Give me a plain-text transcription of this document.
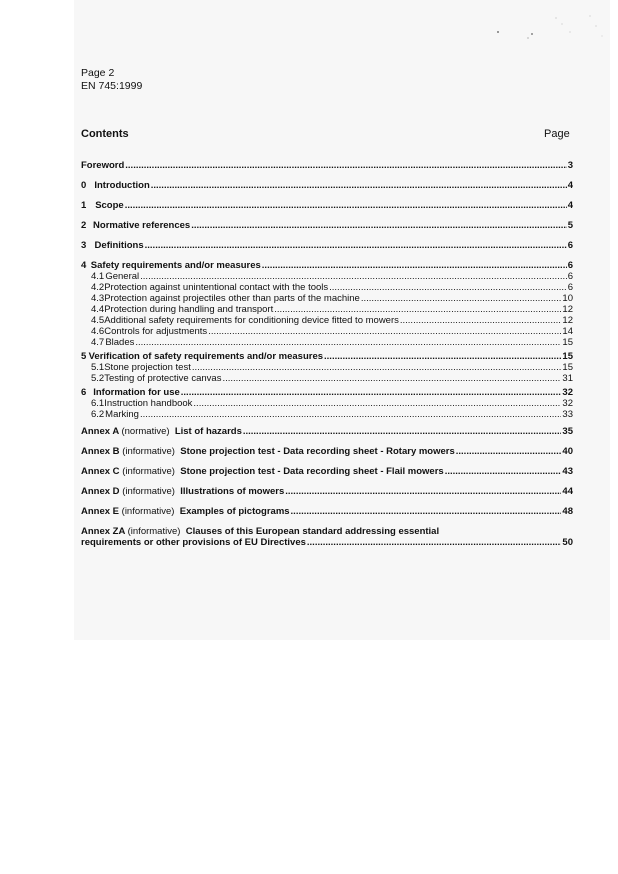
Page 2
EN 745:1999
Contents	Page
Foreword .....	3
0 Introduction .....	4
1 Scope .....	4
2 Normative references .....	5
3 Definitions .....	6
4 Safety requirements and/or measures .....	6
4.1 General .....	6
4.2 Protection against unintentional contact with the tools .....	6
4.3 Protection against projectiles other than parts of the machine .....	10
4.4 Protection during handling and transport .....	12
4.5 Additional safety requirements for conditioning device fitted to mowers .....	12
4.6 Controls for adjustments .....	14
4.7 Blades .....	15
5 Verification of safety requirements and/or measures .....	15
5.1 Stone projection test .....	15
5.2 Testing of protective canvas .....	31
6 Information for use .....	32
6.1 Instruction handbook .....	32
6.2 Marking .....	33
Annex A (normative) List of hazards .....	35
Annex B (informative) Stone projection test - Data recording sheet - Rotary mowers .....	40
Annex C (informative) Stone projection test - Data recording sheet - Flail mowers .....	43
Annex D (informative) Illustrations of mowers .....	44
Annex E (informative) Examples of pictograms .....	48
Annex ZA (informative) Clauses of this European standard addressing essential
requirements or other provisions of EU Directives .....	50
